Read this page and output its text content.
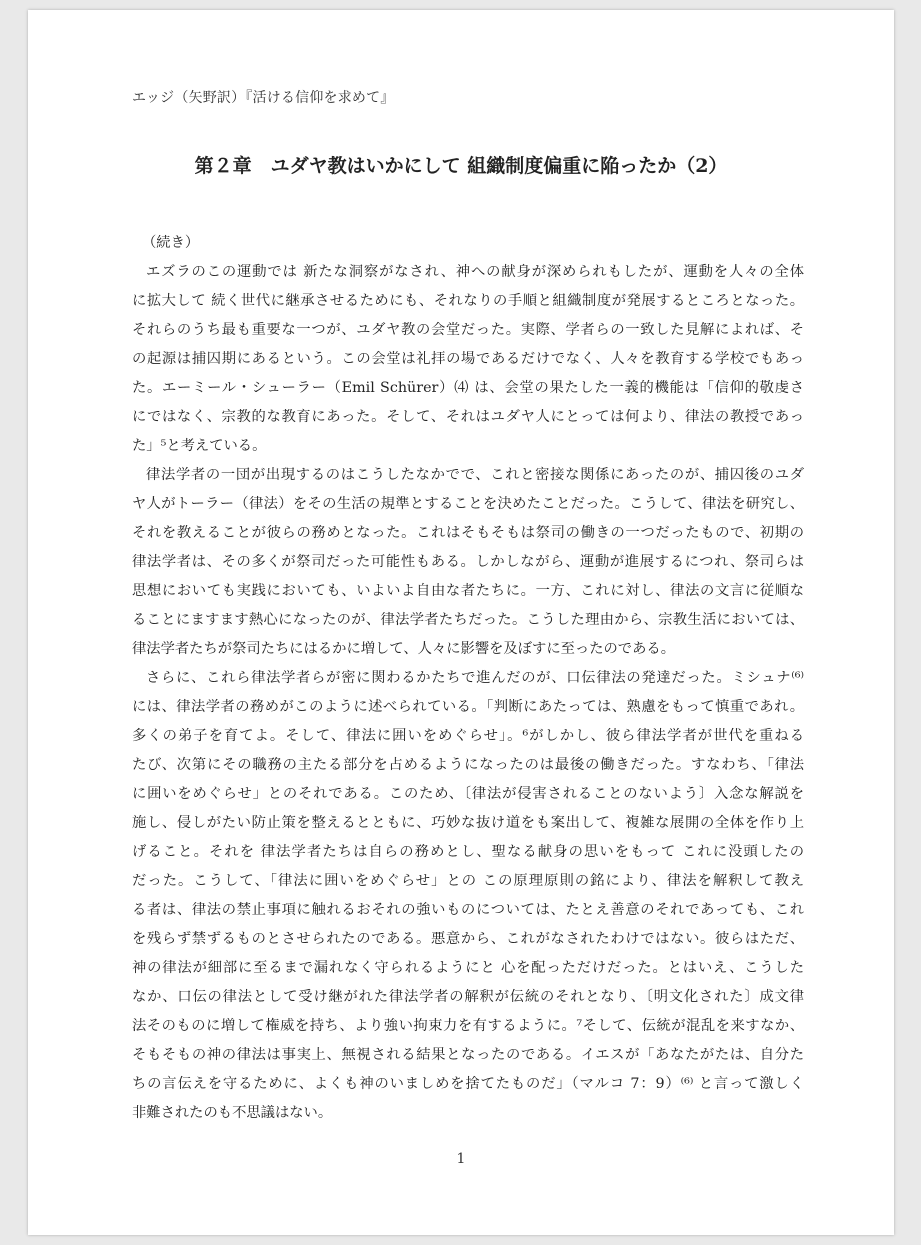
エッジ（矢野訳）『活ける信仰を求めて』
第２章　ユダヤ教はいかにして 組織制度偏重に陥ったか（2）

（続き）

エズラのこの運動では 新たな洞察がなされ、神への献身が深められもしたが、運動を人々の全体
に拡大して 続く世代に継承させるためにも、それなりの手順と組織制度が発展するところとなった。
それらのうち最も重要な一つが、ユダヤ教の会堂だった。実際、学者らの一致した見解によれば、そ
の起源は捕囚期にあるという。この会堂は礼拝の場であるだけでなく、人々を教育する学校でもあっ
た。エーミール・シューラー（Emil Schürer）⑷ は、会堂の果たした一義的機能は「信仰的敬虔さ
にではなく、宗教的な教育にあった。そして、それはユダヤ人にとっては何より、律法の教授であっ
た」⁵と考えている。

律法学者の一団が出現するのはこうしたなかでで、これと密接な関係にあったのが、捕囚後のユダ
ヤ人がトーラー（律法）をその生活の規準とすることを決めたことだった。こうして、律法を研究し、
それを教えることが彼らの務めとなった。これはそもそもは祭司の働きの一つだったもので、初期の
律法学者は、その多くが祭司だった可能性もある。しかしながら、運動が進展するにつれ、祭司らは
思想においても実践においても、いよいよ自由な者たちに。一方、これに対し、律法の文言に従順な
ることにますます熱心になったのが、律法学者たちだった。こうした理由から、宗教生活においては、
律法学者たちが祭司たちにはるかに増して、人々に影響を及ぼすに至ったのである。

さらに、これら律法学者らが密に関わるかたちで進んだのが、口伝律法の発達だった。ミシュナ⁽⁶⁾
には、律法学者の務めがこのように述べられている。「判断にあたっては、熟慮をもって慎重であれ。
多くの弟子を育てよ。そして、律法に囲いをめぐらせ」。⁶がしかし、彼ら律法学者が世代を重ねる
たび、次第にその職務の主たる部分を占めるようになったのは最後の働きだった。すなわち、「律法
に囲いをめぐらせ」とのそれである。このため、〔律法が侵害されることのないよう〕入念な解説を
施し、侵しがたい防止策を整えるとともに、巧妙な抜け道をも案出して、複雑な展開の全体を作り上
げること。それを 律法学者たちは自らの務めとし、聖なる献身の思いをもって これに没頭したの
だった。こうして、「律法に囲いをめぐらせ」との この原理原則の銘により、律法を解釈して教え
る者は、律法の禁止事項に触れるおそれの強いものについては、たとえ善意のそれであっても、これ
を残らず禁ずるものとさせられたのである。悪意から、これがなされたわけではない。彼らはただ、
神の律法が細部に至るまで漏れなく守られるようにと 心を配っただけだった。とはいえ、こうした
なか、口伝の律法として受け継がれた律法学者の解釈が伝統のそれとなり、〔明文化された〕成文律
法そのものに増して権威を持ち、より強い拘束力を有するように。⁷そして、伝統が混乱を来すなか、
そもそもの神の律法は事実上、無視される結果となったのである。イエスが「あなたがたは、自分た
ちの言伝えを守るために、よくも神のいましめを捨てたものだ」（マルコ 7：9）⁽⁶⁾ と言って激しく
非難されたのも不思議はない。

1
